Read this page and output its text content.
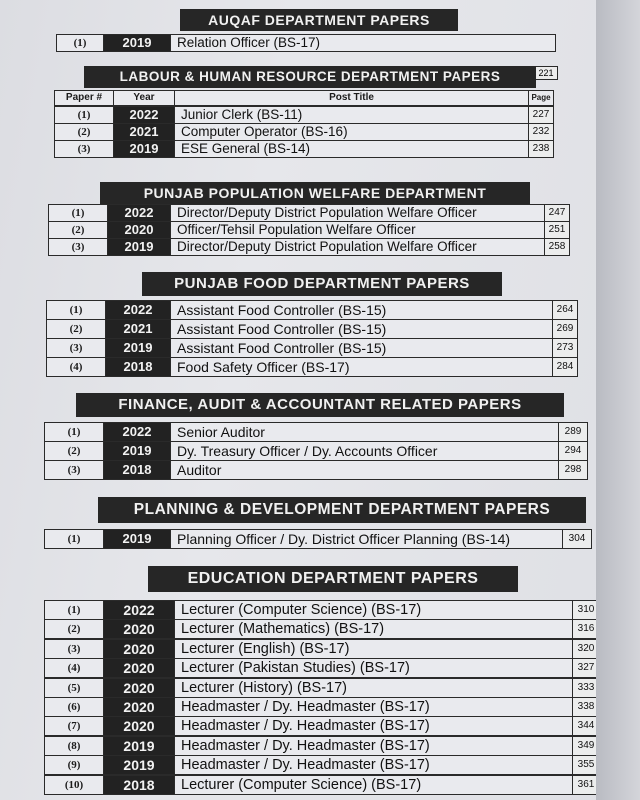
AUQAF DEPARTMENT PAPERS
(1)	2019	Relation Officer (BS-17)
221
LABOUR & HUMAN RESOURCE DEPARTMENT PAPERS
Paper #	Year	Post Title	Page
(1)	2022	Junior Clerk (BS-11)	227
(2)	2021	Computer Operator (BS-16)	232
(3)	2019	ESE General (BS-14)	238
PUNJAB POPULATION WELFARE DEPARTMENT
(1)	2022	Director/Deputy District Population Welfare Officer	247
(2)	2020	Officer/Tehsil Population Welfare Officer	251
(3)	2019	Director/Deputy District Population Welfare Officer	258
PUNJAB FOOD DEPARTMENT PAPERS
(1)	2022	Assistant Food Controller (BS-15)	264
(2)	2021	Assistant Food Controller (BS-15)	269
(3)	2019	Assistant Food Controller (BS-15)	273
(4)	2018	Food Safety Officer (BS-17)	284
FINANCE, AUDIT & ACCOUNTANT RELATED PAPERS
(1)	2022	Senior Auditor	289
(2)	2019	Dy. Treasury Officer / Dy. Accounts Officer	294
(3)	2018	Auditor	298
PLANNING & DEVELOPMENT DEPARTMENT PAPERS
(1)	2019	Planning Officer / Dy. District Officer Planning (BS-14)	304
EDUCATION DEPARTMENT PAPERS
(1)	2022	Lecturer (Computer Science) (BS-17)	310
(2)	2020	Lecturer (Mathematics) (BS-17)	316
(3)	2020	Lecturer (English) (BS-17)	320
(4)	2020	Lecturer (Pakistan Studies) (BS-17)	327
(5)	2020	Lecturer (History) (BS-17)	333
(6)	2020	Headmaster / Dy. Headmaster (BS-17)	338
(7)	2020	Headmaster / Dy. Headmaster (BS-17)	344
(8)	2019	Headmaster / Dy. Headmaster (BS-17)	349
(9)	2019	Headmaster / Dy. Headmaster (BS-17)	355
(10)	2018	Lecturer (Computer Science) (BS-17)	361
